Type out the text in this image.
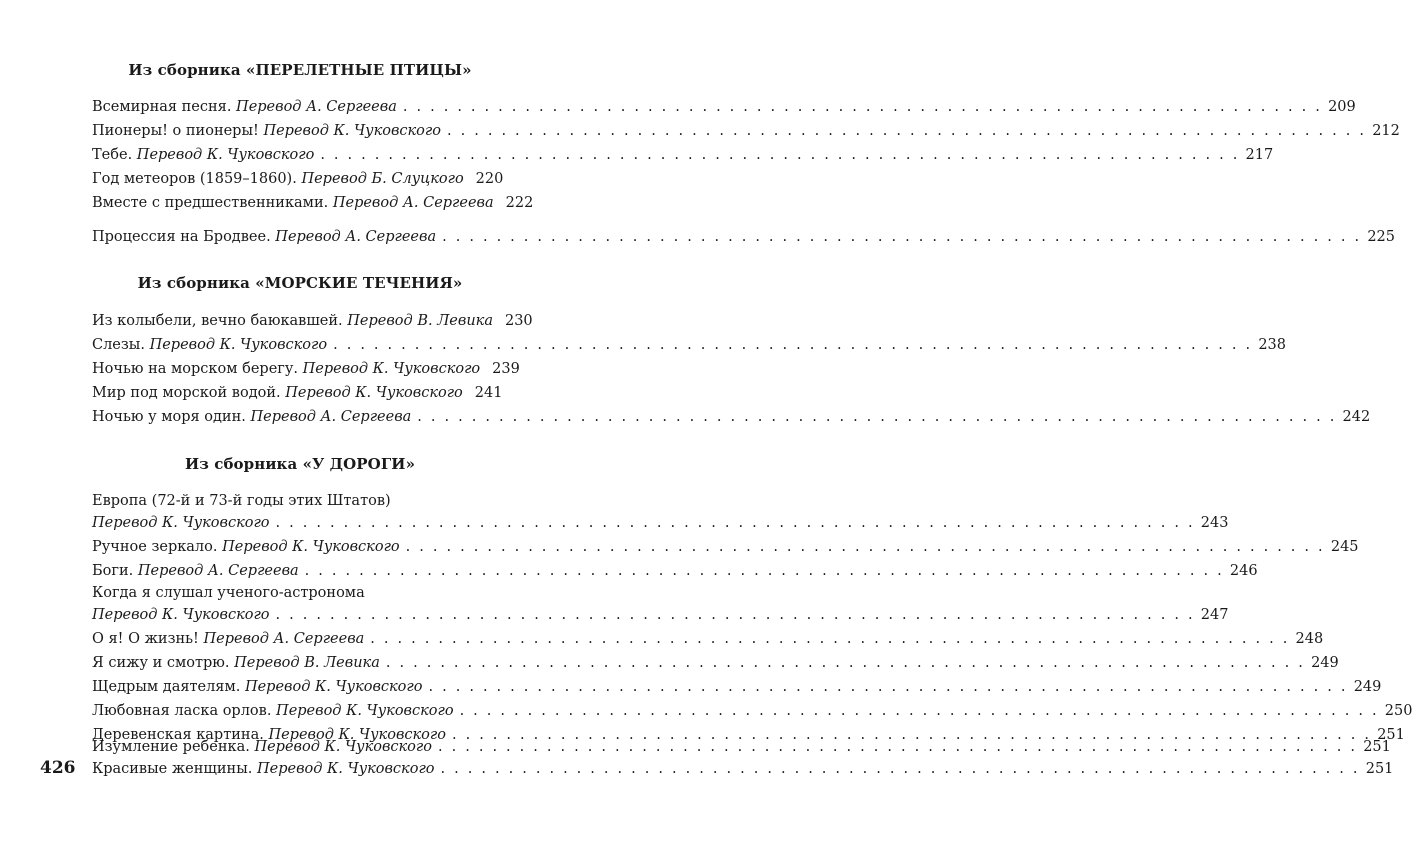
Из сборника «ПЕРЕЛЕТНЫЕ ПТИЦЫ»
Всемирная песня.
Перевод А. Сергеева . . . . . . . . . . . . . . . . . . . . . . . . . . . . . . . . . . . . . . . . . . . . . . . . . . . . . . . . . . . . . . . . . . . . 209
Пионеры! о пионеры!
Перевод К. Чуковского . . . . . . . . . . . . . . . . . . . . . . . . . . . . . . . . . . . . . . . . . . . . . . . . . . . . . . . . . . . . . . . . . . . . 212
Тебе.
Перевод К. Чуковского . . . . . . . . . . . . . . . . . . . . . . . . . . . . . . . . . . . . . . . . . . . . . . . . . . . . . . . . . . . . . . . . . . . . 217
Год метеоров (1859–1860).
Перевод Б. Слуцкого 220
Вместе с предшественниками.
Перевод А. Сергеева 222
Процессия на Бродвее.
Перевод А. Сергеева . . . . . . . . . . . . . . . . . . . . . . . . . . . . . . . . . . . . . . . . . . . . . . . . . . . . . . . . . . . . . . . . . . . . 225
Из сборника «МОРСКИЕ ТЕЧЕНИЯ»
Из колыбели, вечно баюкавшей.
Перевод В. Левика 230
Слезы.
Перевод К. Чуковского . . . . . . . . . . . . . . . . . . . . . . . . . . . . . . . . . . . . . . . . . . . . . . . . . . . . . . . . . . . . . . . . . . . . 238
Ночью на морском берегу.
Перевод К. Чуковского 239
Мир под морской водой.
Перевод К. Чуковского 241
Ночью у моря один.
Перевод А. Сергеева . . . . . . . . . . . . . . . . . . . . . . . . . . . . . . . . . . . . . . . . . . . . . . . . . . . . . . . . . . . . . . . . . . . . 242
Из сборника «У ДОРОГИ»
Европа (72-й и 73-й годы этих Штатов)
Перевод К. Чуковского . . . . . . . . . . . . . . . . . . . . . . . . . . . . . . . . . . . . . . . . . . . . . . . . . . . . . . . . . . . . . . . . . . . . 243
Ручное зеркало.
Перевод К. Чуковского . . . . . . . . . . . . . . . . . . . . . . . . . . . . . . . . . . . . . . . . . . . . . . . . . . . . . . . . . . . . . . . . . . . . 245
Боги.
Перевод А. Сергеева . . . . . . . . . . . . . . . . . . . . . . . . . . . . . . . . . . . . . . . . . . . . . . . . . . . . . . . . . . . . . . . . . . . . 246
Когда я слушал ученого-астронома
Перевод К. Чуковского . . . . . . . . . . . . . . . . . . . . . . . . . . . . . . . . . . . . . . . . . . . . . . . . . . . . . . . . . . . . . . . . . . . . 247
О я! О жизнь!
Перевод А. Сергеева . . . . . . . . . . . . . . . . . . . . . . . . . . . . . . . . . . . . . . . . . . . . . . . . . . . . . . . . . . . . . . . . . . . . 248
Я сижу и смотрю.
Перевод В. Левика . . . . . . . . . . . . . . . . . . . . . . . . . . . . . . . . . . . . . . . . . . . . . . . . . . . . . . . . . . . . . . . . . . . . 249
Щедрым даятелям.
Перевод К. Чуковского . . . . . . . . . . . . . . . . . . . . . . . . . . . . . . . . . . . . . . . . . . . . . . . . . . . . . . . . . . . . . . . . . . . . 249
Любовная ласка орлов.
Перевод К. Чуковского . . . . . . . . . . . . . . . . . . . . . . . . . . . . . . . . . . . . . . . . . . . . . . . . . . . . . . . . . . . . . . . . . . . . 250
Деревенская картина.
Перевод К. Чуковского . . . . . . . . . . . . . . . . . . . . . . . . . . . . . . . . . . . . . . . . . . . . . . . . . . . . . . . . . . . . . . . . . . . . 251
Изумление ребенка.
Перевод К. Чуковского . . . . . . . . . . . . . . . . . . . . . . . . . . . . . . . . . . . . . . . . . . . . . . . . . . . . . . . . . . . . . . . . . . . . 251
Красивые женщины.
Перевод К. Чуковского . . . . . . . . . . . . . . . . . . . . . . . . . . . . . . . . . . . . . . . . . . . . . . . . . . . . . . . . . . . . . . . . . . . . 251
426
